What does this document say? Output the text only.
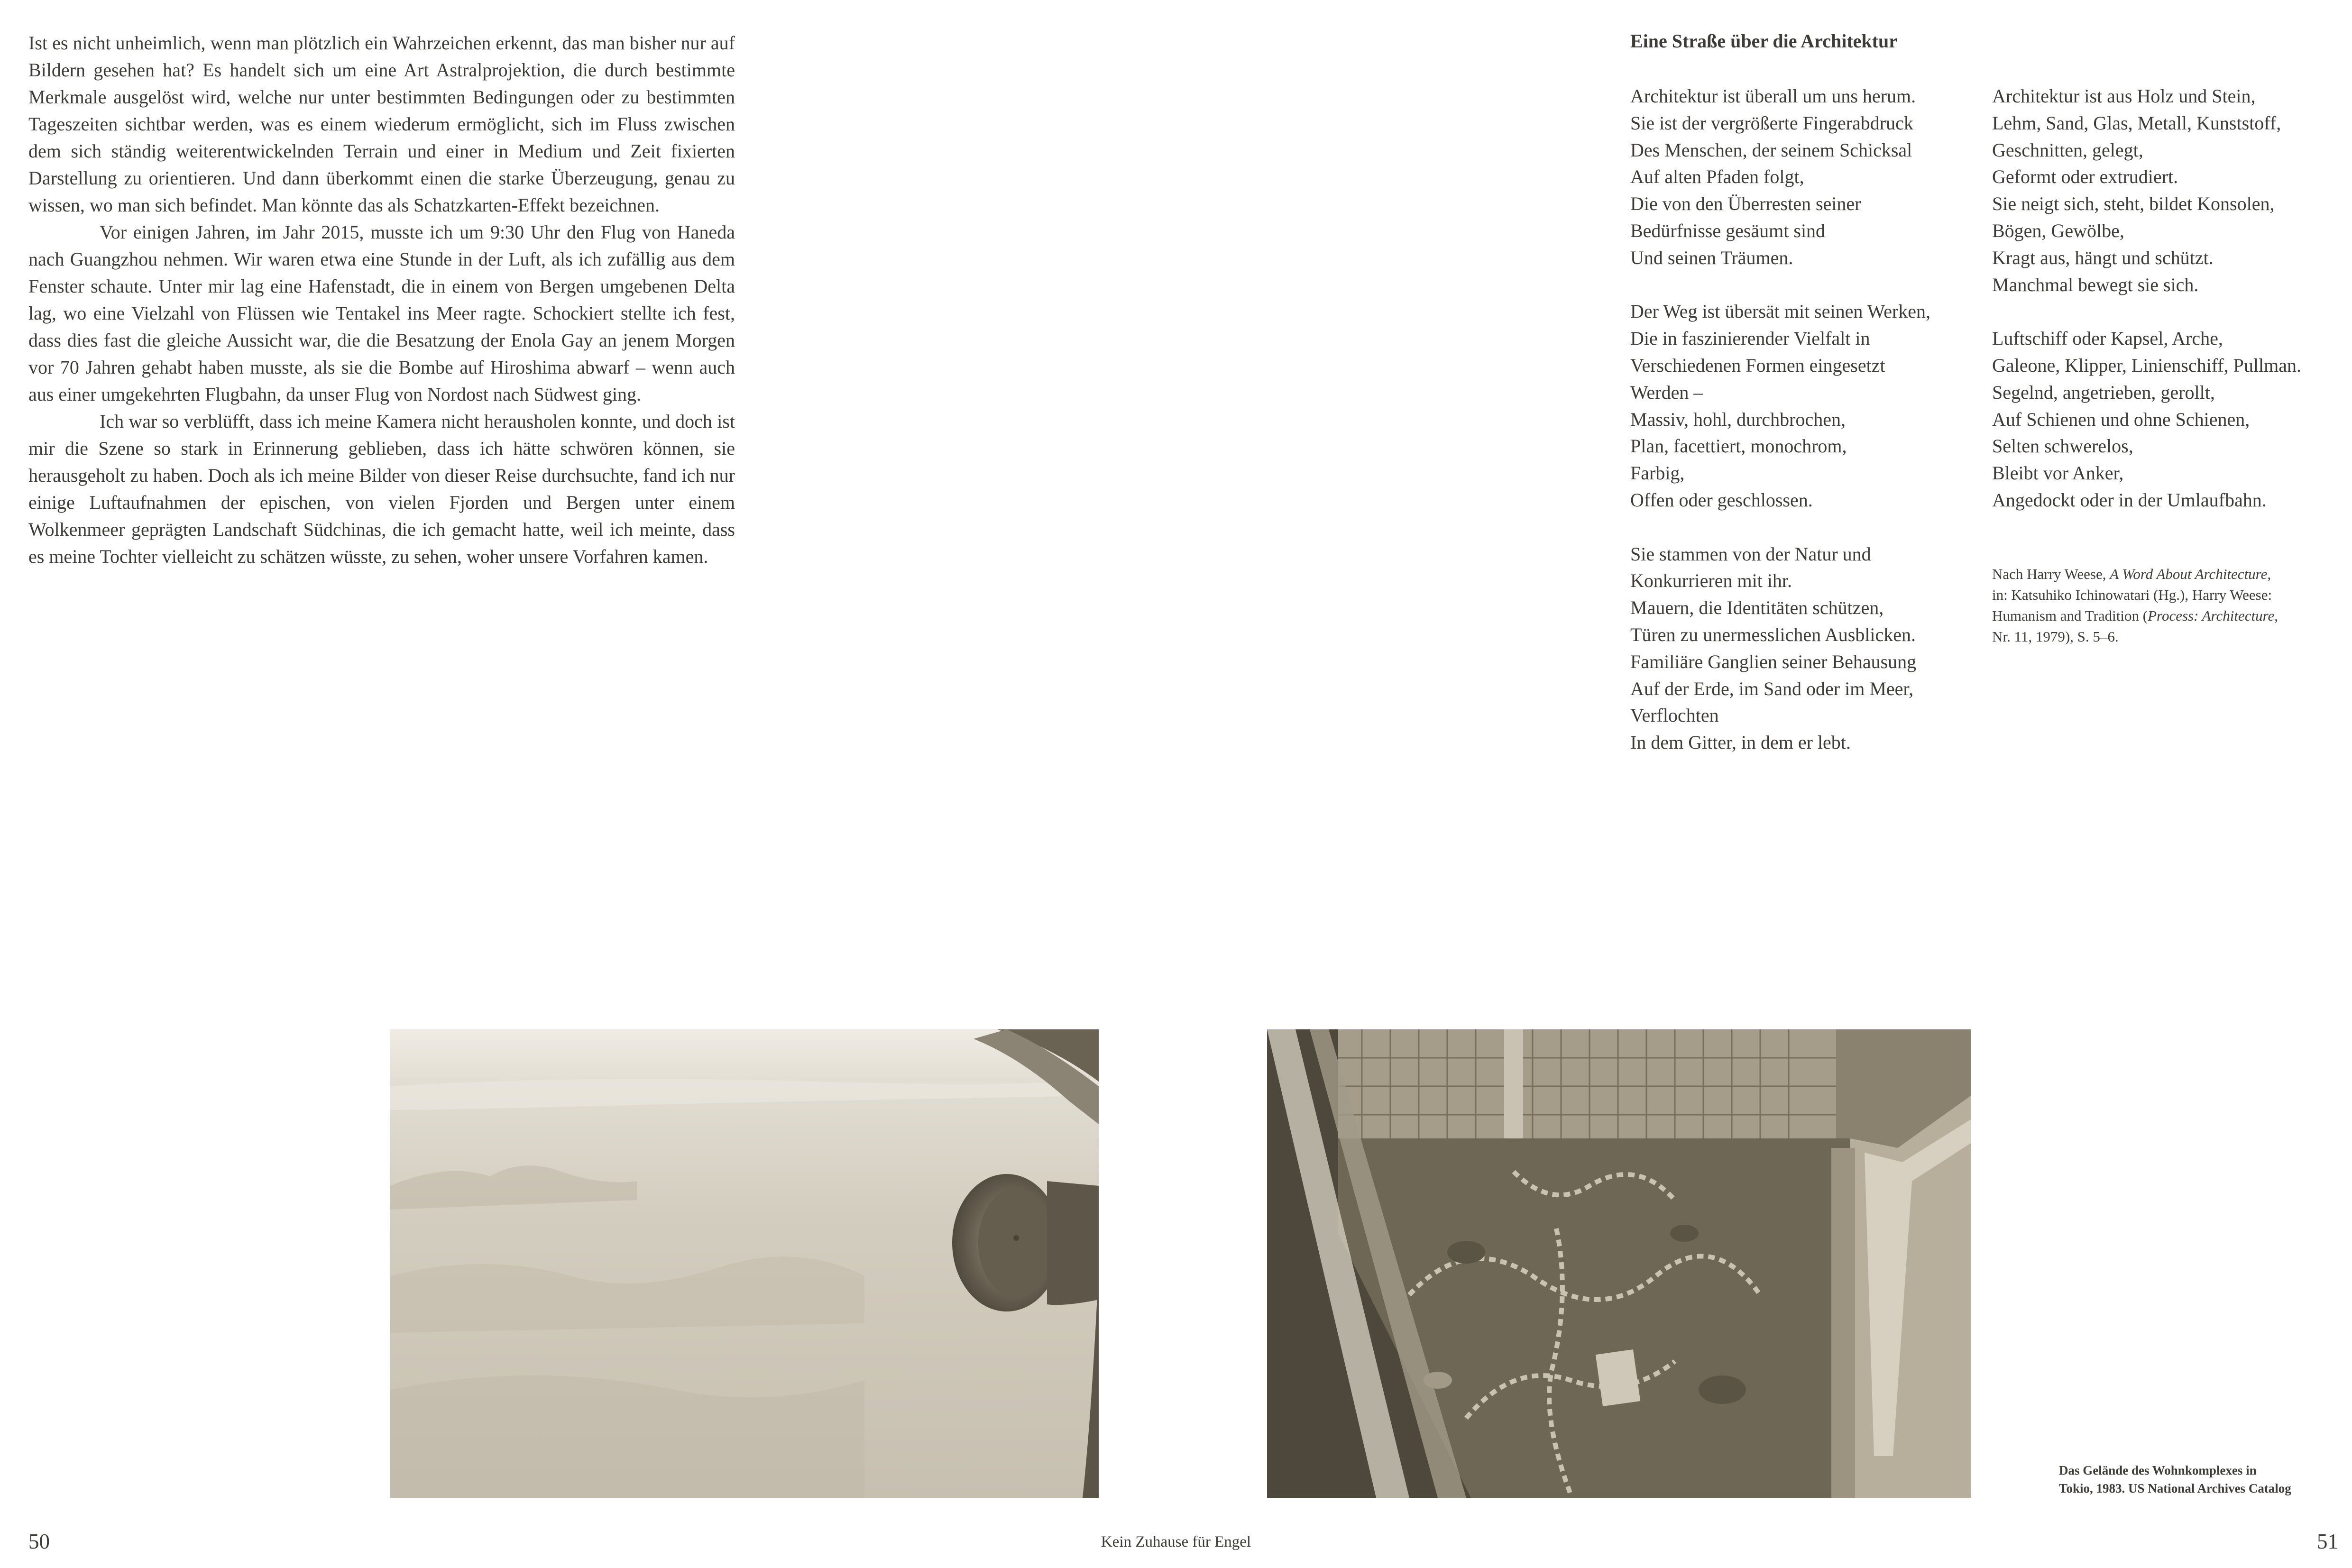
Ist es nicht unheimlich, wenn man plötzlich ein Wahrzeichen erkennt, das man bisher nur auf Bildern gesehen hat? Es handelt sich um eine Art Astralprojektion, die durch bestimmte Merkmale ausgelöst wird, welche nur unter bestimmten Bedingungen oder zu bestimmten Tageszeiten sichtbar werden, was es einem wiederum ermöglicht, sich im Fluss zwischen dem sich ständig weiterentwickelnden Terrain und einer in Medium und Zeit fixierten Darstellung zu orientieren. Und dann überkommt einen die starke Überzeugung, genau zu wissen, wo man sich befindet. Man könnte das als Schatzkarten-Effekt bezeichnen.

Vor einigen Jahren, im Jahr 2015, musste ich um 9:30 Uhr den Flug von Haneda nach Guangzhou nehmen. Wir waren etwa eine Stunde in der Luft, als ich zufällig aus dem Fenster schaute. Unter mir lag eine Hafenstadt, die in einem von Bergen umgebenen Delta lag, wo eine Vielzahl von Flüssen wie Tentakel ins Meer ragte. Schockiert stellte ich fest, dass dies fast die gleiche Aussicht war, die die Besatzung der Enola Gay an jenem Morgen vor 70 Jahren gehabt haben musste, als sie die Bombe auf Hiroshima abwarf – wenn auch aus einer umgekehrten Flugbahn, da unser Flug von Nordost nach Südwest ging.

Ich war so verblüfft, dass ich meine Kamera nicht herausholen konnte, und doch ist mir die Szene so stark in Erinnerung geblieben, dass ich hätte schwören können, sie herausgeholt zu haben. Doch als ich meine Bilder von dieser Reise durchsuchte, fand ich nur einige Luftaufnahmen der epischen, von vielen Fjorden und Bergen unter einem Wolkenmeer geprägten Landschaft Südchinas, die ich gemacht hatte, weil ich meinte, dass es meine Tochter vielleicht zu schätzen wüsste, zu sehen, woher unsere Vorfahren kamen.

Eine Straße über die Architektur
Architektur ist überall um uns herum.
Sie ist der vergrößerte Fingerabdruck
Des Menschen, der seinem Schicksal
Auf alten Pfaden folgt,
Die von den Überresten seiner
Bedürfnisse gesäumt sind
Und seinen Träumen.
Der Weg ist übersät mit seinen Werken,
Die in faszinierender Vielfalt in
Verschiedenen Formen eingesetzt
Werden –
Massiv, hohl, durchbrochen,
Plan, facettiert, monochrom,
Farbig,
Offen oder geschlossen.
Sie stammen von der Natur und
Konkurrieren mit ihr.
Mauern, die Identitäten schützen,
Türen zu unermesslichen Ausblicken.
Familiäre Ganglien seiner Behausung
Auf der Erde, im Sand oder im Meer,
Verflochten
In dem Gitter, in dem er lebt.
Architektur ist aus Holz und Stein,
Lehm, Sand, Glas, Metall, Kunststoff,
Geschnitten, gelegt,
Geformt oder extrudiert.
Sie neigt sich, steht, bildet Konsolen,
Bögen, Gewölbe,
Kragt aus, hängt und schützt.
Manchmal bewegt sie sich.
Luftschiff oder Kapsel, Arche,
Galeone, Klipper, Linienschiff, Pullman.
Segelnd, angetrieben, gerollt,
Auf Schienen und ohne Schienen,
Selten schwerelos,
Bleibt vor Anker,
Angedockt oder in der Umlaufbahn.
Nach Harry Weese, A Word About Architecture,
in: Katsuhiko Ichinowatari (Hg.), Harry Weese:
Humanism and Tradition (Process: Architecture,
Nr. 11, 1979), S. 5–6.
Das Gelände des Wohnkomplexes in
Tokio, 1983. US National Archives Catalog
50	Kein Zuhause für Engel	51
